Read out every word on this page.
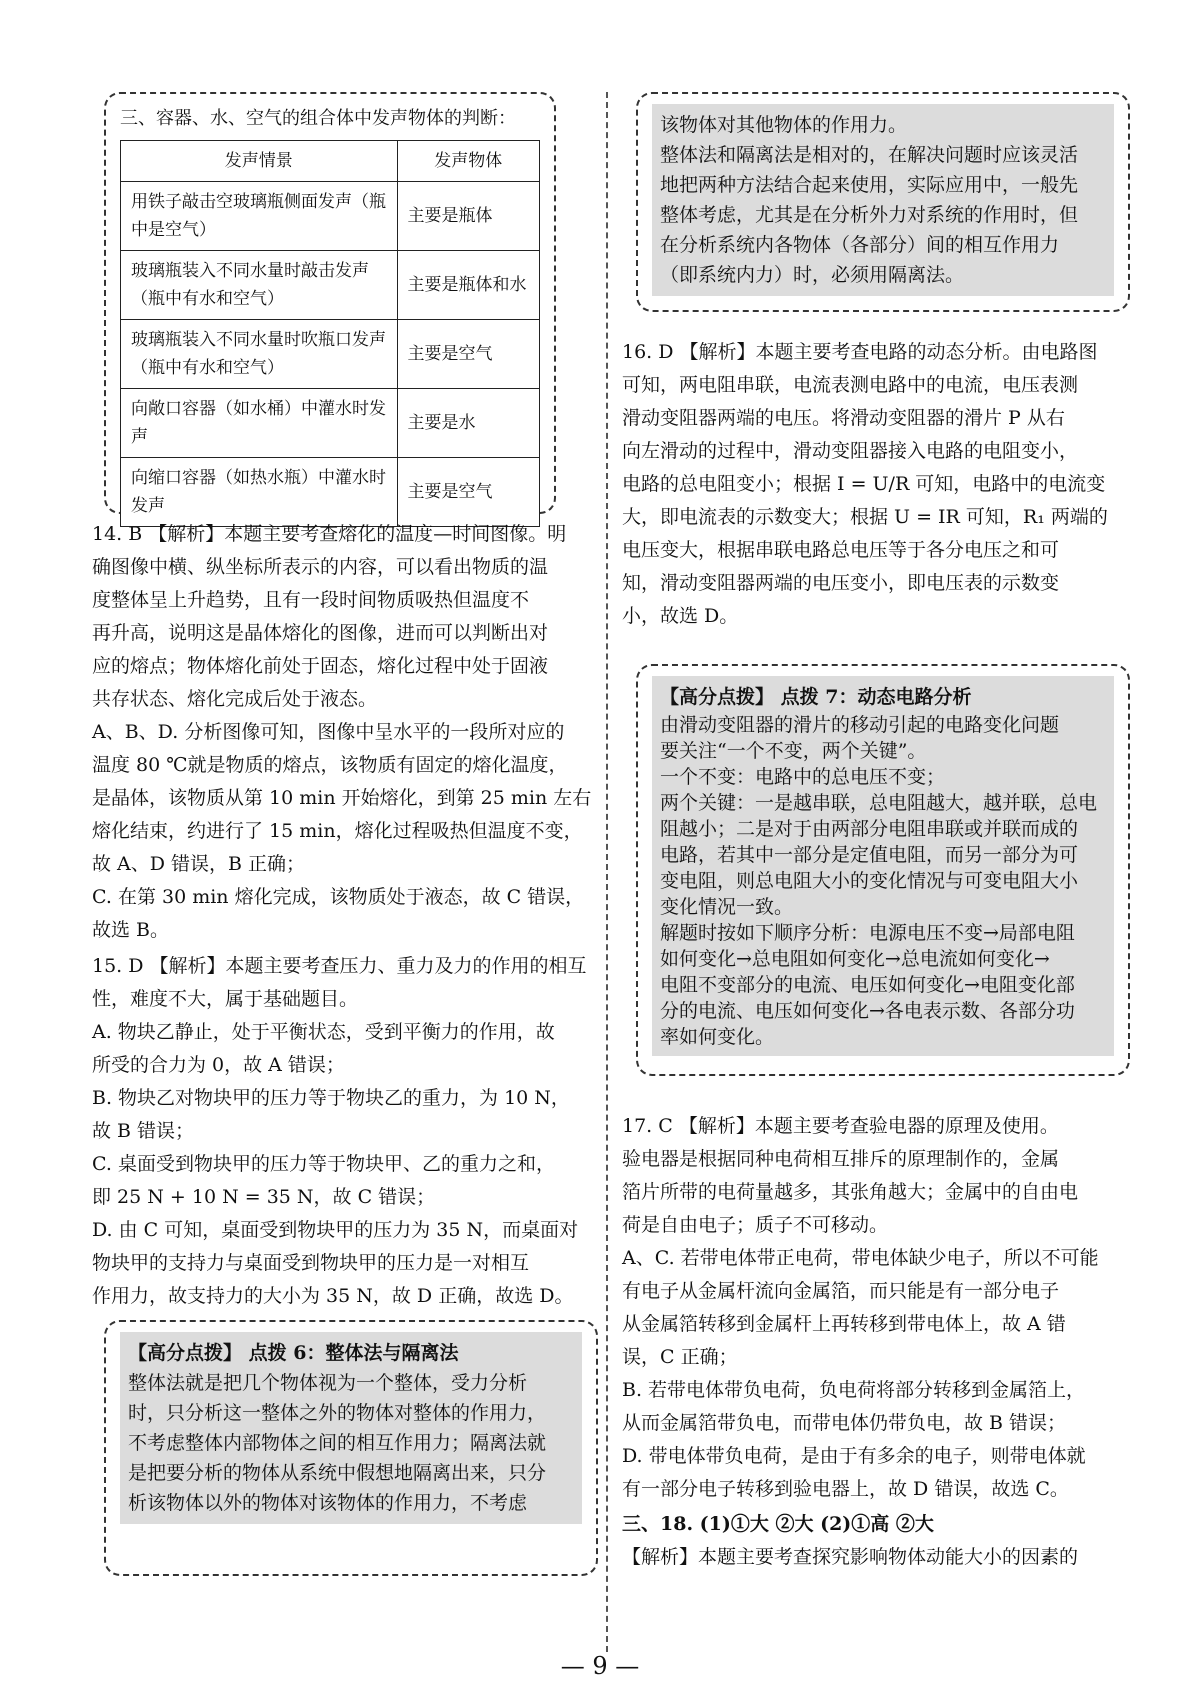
三、容器、水、空气的组合体中发声物体的判断：
发声情景	发声物体
用铁子敲击空玻璃瓶侧面发声（瓶中是空气）	主要是瓶体
玻璃瓶装入不同水量时敲击发声（瓶中有水和空气）	主要是瓶体和水
玻璃瓶装入不同水量时吹瓶口发声（瓶中有水和空气）	主要是空气
向敞口容器（如水桶）中灌水时发声	主要是水
向缩口容器（如热水瓶）中灌水时发声	主要是空气

14. B 【解析】本题主要考查熔化的温度—时间图像。明

确图像中横、纵坐标所表示的内容，可以看出物质的温

度整体呈上升趋势，且有一段时间物质吸热但温度不

再升高，说明这是晶体熔化的图像，进而可以判断出对

应的熔点；物体熔化前处于固态，熔化过程中处于固液

共存状态、熔化完成后处于液态。

A、B、D. 分析图像可知，图像中呈水平的一段所对应的

温度 80 ℃就是物质的熔点，该物质有固定的熔化温度，

是晶体，该物质从第 10 min 开始熔化，到第 25 min 左右

熔化结束，约进行了 15 min，熔化过程吸热但温度不变，

故 A、D 错误，B 正确；

C. 在第 30 min 熔化完成，该物质处于液态，故 C 错误，

故选 B。

15. D 【解析】本题主要考查压力、重力及力的作用的相互

性，难度不大，属于基础题目。

A. 物块乙静止，处于平衡状态，受到平衡力的作用，故

所受的合力为 0，故 A 错误；

B. 物块乙对物块甲的压力等于物块乙的重力，为 10 N，

故 B 错误；

C. 桌面受到物块甲的压力等于物块甲、乙的重力之和，

即 25 N + 10 N = 35 N，故 C 错误；

D. 由 C 可知，桌面受到物块甲的压力为 35 N，而桌面对

物块甲的支持力与桌面受到物块甲的压力是一对相互

作用力，故支持力的大小为 35 N，故 D 正确，故选 D。

【高分点拨】 点拨 6：整体法与隔离法
整体法就是把几个物体视为一个整体，受力分析
时，只分析这一整体之外的物体对整体的作用力，
不考虑整体内部物体之间的相互作用力；隔离法就
是把要分析的物体从系统中假想地隔离出来，只分
析该物体以外的物体对该物体的作用力，不考虑
该物体对其他物体的作用力。
整体法和隔离法是相对的，在解决问题时应该灵活
地把两种方法结合起来使用，实际应用中，一般先
整体考虑，尤其是在分析外力对系统的作用时，但
在分析系统内各物体（各部分）间的相互作用力
（即系统内力）时，必须用隔离法。

16. D 【解析】本题主要考查电路的动态分析。由电路图

可知，两电阻串联，电流表测电路中的电流，电压表测

滑动变阻器两端的电压。将滑动变阻器的滑片 P 从右

向左滑动的过程中，滑动变阻器接入电路的电阻变小，

电路的总电阻变小；根据 I = U/R 可知，电路中的电流变

大，即电流表的示数变大；根据 U = IR 可知，R₁ 两端的

电压变大，根据串联电路总电压等于各分电压之和可

知，滑动变阻器两端的电压变小，即电压表的示数变

小，故选 D。

【高分点拨】 点拨 7：动态电路分析
由滑动变阻器的滑片的移动引起的电路变化问题
要关注“一个不变，两个关键”。
一个不变：电路中的总电压不变；
两个关键：一是越串联，总电阻越大，越并联，总电
阻越小；二是对于由两部分电阻串联或并联而成的
电路，若其中一部分是定值电阻，而另一部分为可
变电阻，则总电阻大小的变化情况与可变电阻大小
变化情况一致。
解题时按如下顺序分析：电源电压不变→局部电阻
如何变化→总电阻如何变化→总电流如何变化→
电阻不变部分的电流、电压如何变化→电阻变化部
分的电流、电压如何变化→各电表示数、各部分功
率如何变化。

17. C 【解析】本题主要考查验电器的原理及使用。

验电器是根据同种电荷相互排斥的原理制作的，金属

箔片所带的电荷量越多，其张角越大；金属中的自由电

荷是自由电子；质子不可移动。

A、C. 若带电体带正电荷，带电体缺少电子，所以不可能

有电子从金属杆流向金属箔，而只能是有一部分电子

从金属箔转移到金属杆上再转移到带电体上，故 A 错

误，C 正确；

B. 若带电体带负电荷，负电荷将部分转移到金属箔上，

从而金属箔带负电，而带电体仍带负电，故 B 错误；

D. 带电体带负电荷，是由于有多余的电子，则带电体就

有一部分电子转移到验电器上，故 D 错误，故选 C。

三、18. (1)①大 ②大 (2)①高 ②大

【解析】本题主要考查探究影响物体动能大小的因素的

— 9 —
